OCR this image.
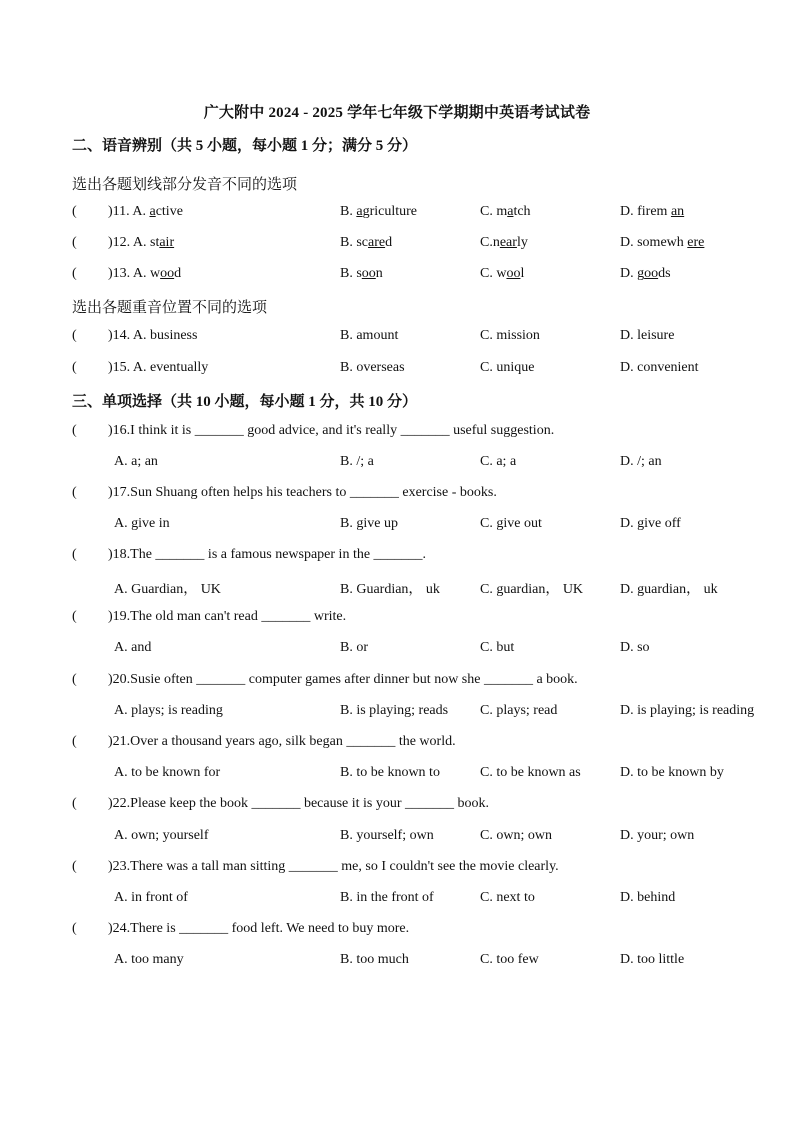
广大附中 2024 - 2025 学年七年级下学期期中英语考试试卷
二、语音辨别（共 5 小题，每小题 1 分；满分 5 分）
选出各题划线部分发音不同的选项
( )11. A. active	B. agriculture	C. match	D. firem an
( )12. A. stair	B. scared	C.nearly	D. somewh ere
( )13. A. wood	B. soon	C. wool	D. goods
选出各题重音位置不同的选项
( )14. A. business	B. amount	C. mission	D. leisure
( )15. A. eventually	B. overseas	C. unique	D. convenient
三、单项选择（共 10 小题，每小题 1 分，共 10 分）
( )16.I think it is _______ good advice, and it's really _______ useful suggestion.
A. a; an	B. /; a	C. a; a	D. /; an
( )17.Sun Shuang often helps his teachers to _______ exercise - books.
A. give in	B. give up	C. give out	D. give off
( )18.The _______ is a famous newspaper in the _______.
A. Guardian， UK	B. Guardian， uk	C. guardian， UK	D. guardian， uk
( )19.The old man can't read _______ write.
A. and	B. or	C. but	D. so
( )20.Susie often _______ computer games after dinner but now she _______ a book.
A. plays; is reading	B. is playing; reads C. plays; read	D. is playing; is reading
( )21.Over a thousand years ago, silk began _______ the world.
A. to be known for	B. to be known to	C. to be known as	D. to be known by
( )22.Please keep the book _______ because it is your _______ book.
A. own; yourself	B. yourself; own	C. own; own	D. your; own
( )23.There was a tall man sitting _______ me, so I couldn't see the movie clearly.
A. in front of	B. in the front of	C. next to	D. behind
( )24.There is _______ food left. We need to buy more.
A. too many	B. too much	C. too few	D. too little
